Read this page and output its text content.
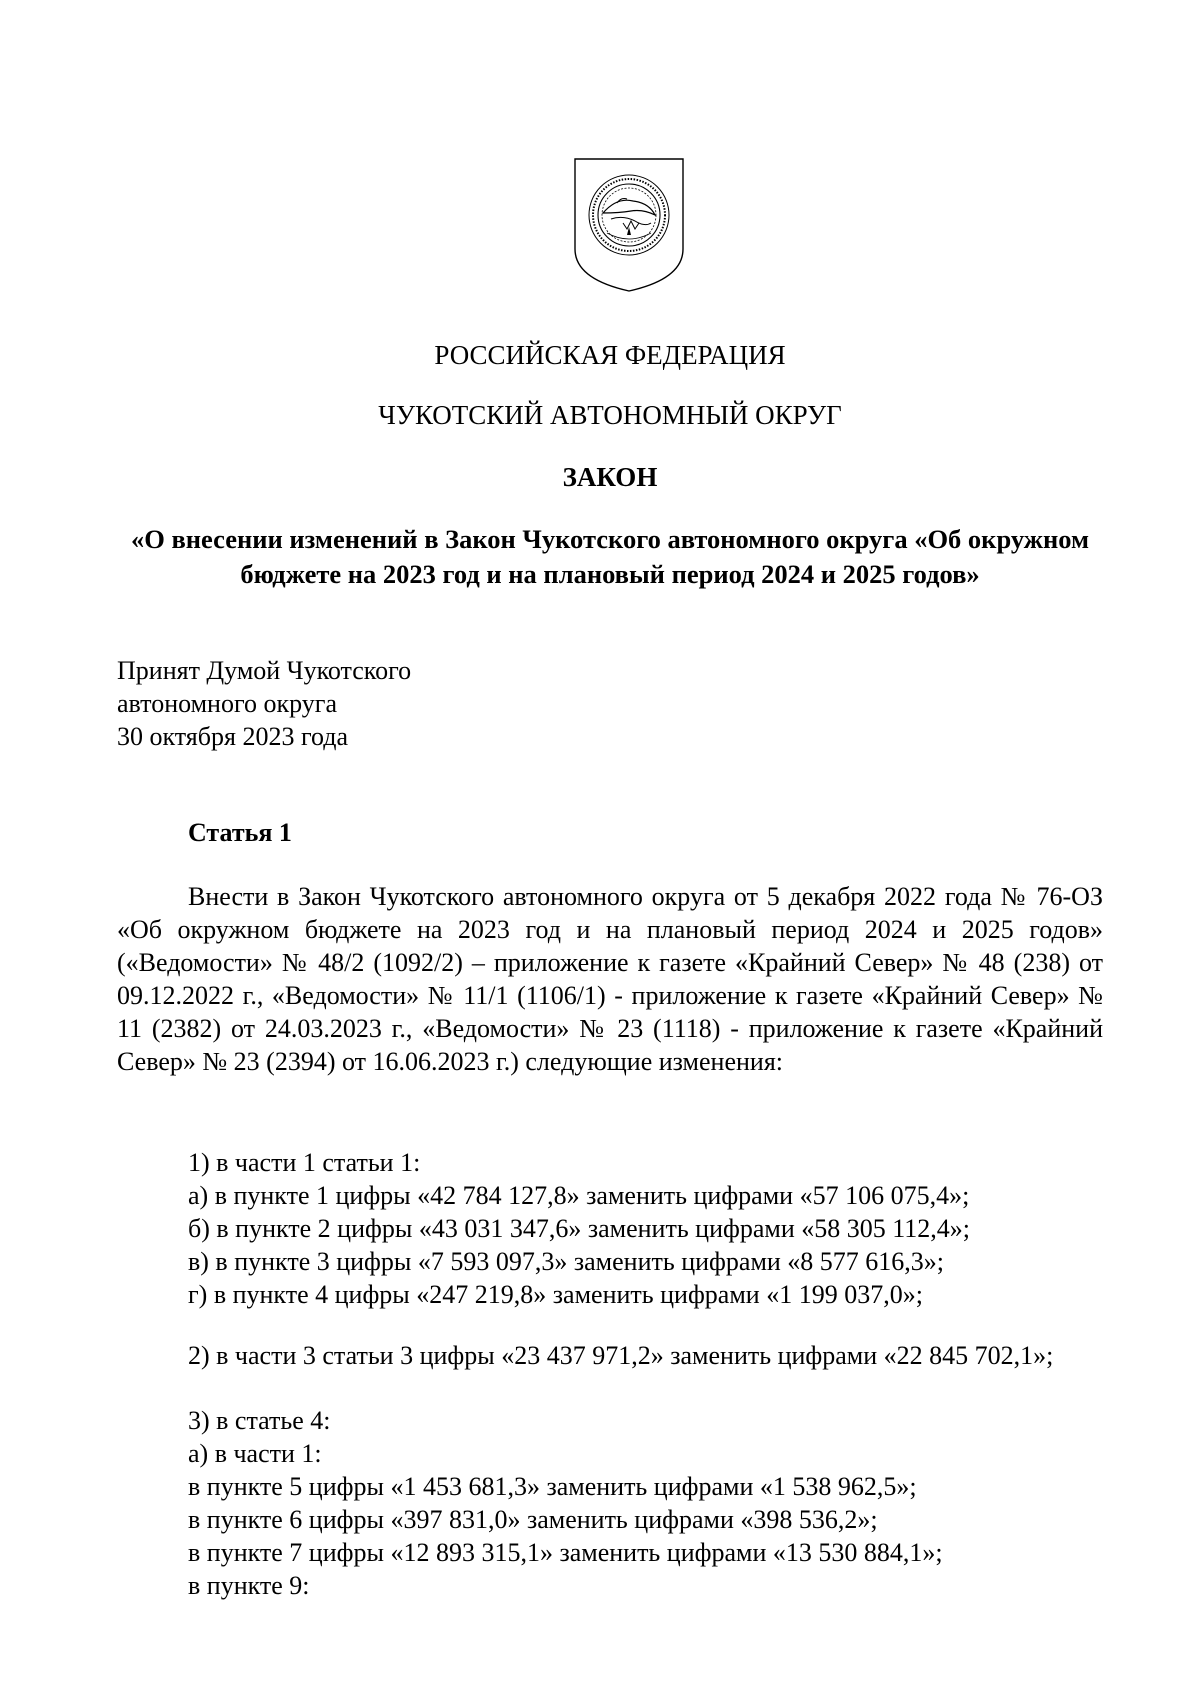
РОССИЙСКАЯ ФЕДЕРАЦИЯ
ЧУКОТСКИЙ АВТОНОМНЫЙ ОКРУГ
ЗАКОН
«О внесении изменений в Закон Чукотского автономного округа «Об окружном
бюджете на 2023 год и на плановый период 2024 и 2025 годов»
Принят Думой Чукотского
автономного округа
30 октября 2023 года
Статья 1
Внести в Закон Чукотского автономного округа от 5 декабря 2022 года № 76-ОЗ «Об окружном бюджете на 2023 год и на плановый период 2024 и 2025 годов» («Ведомости» № 48/2 (1092/2) – приложение к газете «Крайний Север» № 48 (238) от 09.12.2022 г., «Ведомости» № 11/1 (1106/1) - приложение к газете «Крайний Север» № 11 (2382) от 24.03.2023 г., «Ведомости» № 23 (1118) - приложение к газете «Крайний Север» № 23 (2394) от 16.06.2023 г.) следующие изменения:
1) в части 1 статьи 1:
а) в пункте 1 цифры «42 784 127,8» заменить цифрами «57 106 075,4»;
б) в пункте 2 цифры «43 031 347,6» заменить цифрами «58 305 112,4»;
в) в пункте 3 цифры «7 593 097,3» заменить цифрами «8 577 616,3»;
г) в пункте 4 цифры «247 219,8» заменить цифрами «1 199 037,0»;
2) в части 3 статьи 3 цифры «23 437 971,2» заменить цифрами «22 845 702,1»;
3) в статье 4:
а) в части 1:
в пункте 5 цифры «1 453 681,3» заменить цифрами «1 538 962,5»;
в пункте 6 цифры «397 831,0» заменить цифрами «398 536,2»;
в пункте 7 цифры «12 893 315,1» заменить цифрами «13 530 884,1»;
в пункте 9:
